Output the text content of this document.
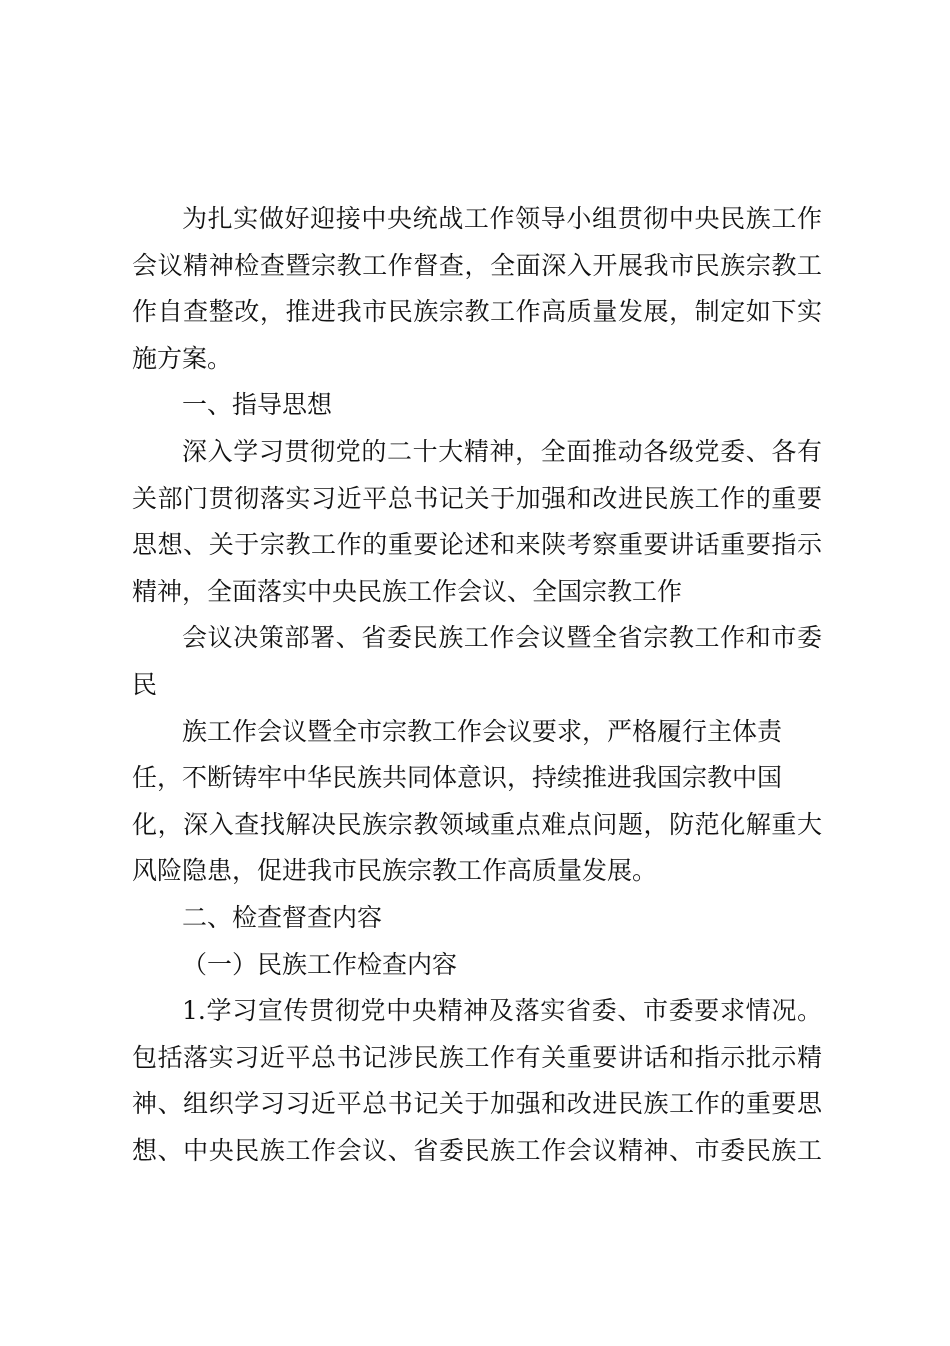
为扎实做好迎接中央统战工作领导小组贯彻中央民族工作
会议精神检查暨宗教工作督查，全面深入开展我市民族宗教工
作自查整改，推进我市民族宗教工作高质量发展，制定如下实
施方案。
一、指导思想
深入学习贯彻党的二十大精神，全面推动各级党委、各有
关部门贯彻落实习近平总书记关于加强和改进民族工作的重要
思想、关于宗教工作的重要论述和来陕考察重要讲话重要指示
精神，全面落实中央民族工作会议、全国宗教工作
会议决策部署、省委民族工作会议暨全省宗教工作和市委
民
族工作会议暨全市宗教工作会议要求，严格履行主体责
任，不断铸牢中华民族共同体意识，持续推进我国宗教中国
化，深入查找解决民族宗教领域重点难点问题，防范化解重大
风险隐患，促进我市民族宗教工作高质量发展。
二、检查督查内容
（一）民族工作检查内容
1.学习宣传贯彻党中央精神及落实省委、市委要求情况。
包括落实习近平总书记涉民族工作有关重要讲话和指示批示精
神、组织学习习近平总书记关于加强和改进民族工作的重要思
想、中央民族工作会议、省委民族工作会议精神、市委民族工
